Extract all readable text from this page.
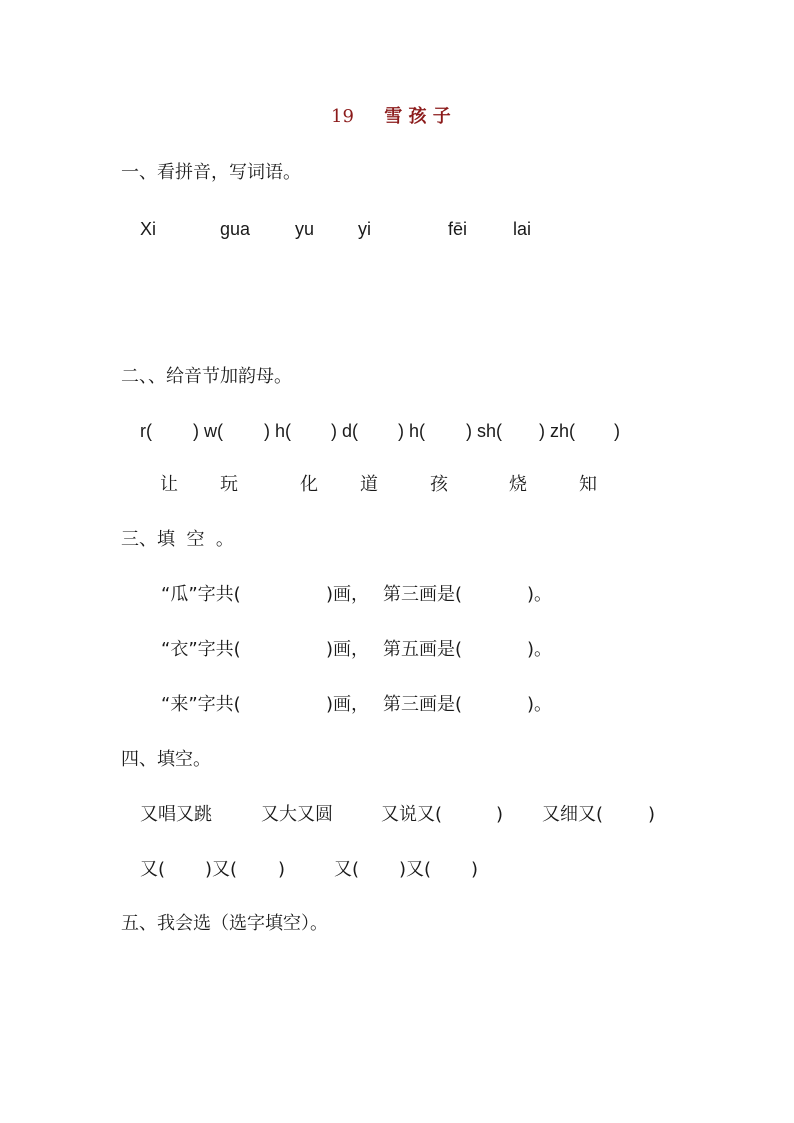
19 雪 孩 子
一、看拼音，写词语。
Xi	gua yu yi	fēi	lai
二、、给音节加韵母。
r( ) w( ) h( ) d( ) h( ) sh( ) zh( )
让 玩	化 道	孩	烧	知
三、填  空  。
“瓜”字共(	)画， 第三画是(	)。
“衣”字共(	)画， 第五画是(	)。
“来”字共(	)画， 第三画是(	)。
四、填空。
又唱又跳	又大又圆	又说又(	) 又细又( )
又( )又( )	又( )又( )
五、我会选（选字填空）。
